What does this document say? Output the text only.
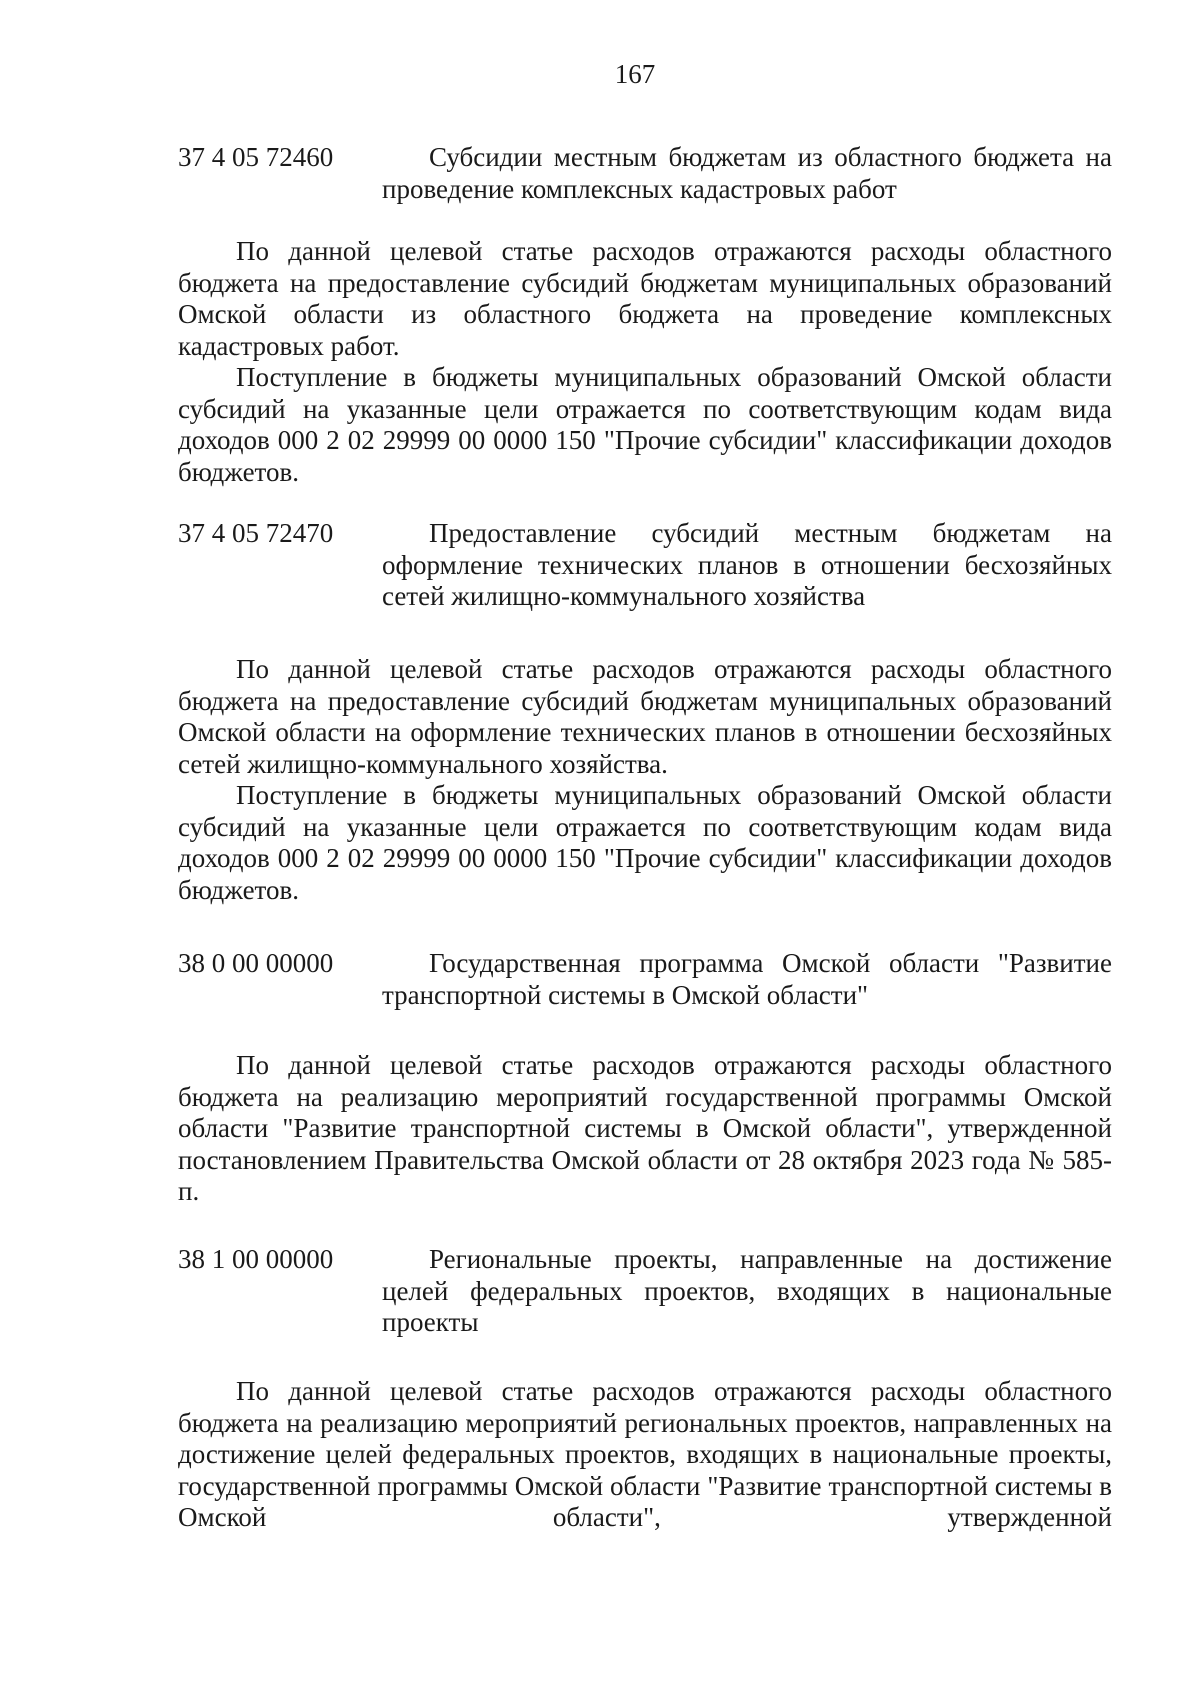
167
37 4 05 72460	Субсидии местным бюджетам из областного бюджета на проведение комплексных кадастровых работ

По данной целевой статье расходов отражаются расходы областного бюджета на предоставление субсидий бюджетам муниципальных образований Омской области из областного бюджета на проведение комплексных кадастровых работ.

Поступление в бюджеты муниципальных образований Омской области субсидий на указанные цели отражается по соответствующим кодам вида доходов 000 2 02 29999 00 0000 150 "Прочие субсидии" классификации доходов бюджетов.

37 4 05 72470	Предоставление субсидий местным бюджетам на оформление технических планов в отношении бесхозяйных сетей жилищно-коммунального хозяйства

По данной целевой статье расходов отражаются расходы областного бюджета на предоставление субсидий бюджетам муниципальных образований Омской области на оформление технических планов в отношении бесхозяйных сетей жилищно-коммунального хозяйства.

Поступление в бюджеты муниципальных образований Омской области субсидий на указанные цели отражается по соответствующим кодам вида доходов 000 2 02 29999 00 0000 150 "Прочие субсидии" классификации доходов бюджетов.

38 0 00 00000	Государственная программа Омской области "Развитие транспортной системы в Омской области"

По данной целевой статье расходов отражаются расходы областного бюджета на реализацию мероприятий государственной программы Омской области "Развитие транспортной системы в Омской области", утвержденной постановлением Правительства Омской области от 28 октября 2023 года № 585-п.

38 1 00 00000	Региональные проекты, направленные на достижение целей федеральных проектов, входящих в национальные проекты

По данной целевой статье расходов отражаются расходы областного бюджета на реализацию мероприятий региональных проектов, направленных на достижение целей федеральных проектов, входящих в национальные проекты, государственной программы Омской области "Развитие транспортной системы в Омской области", утвержденной
